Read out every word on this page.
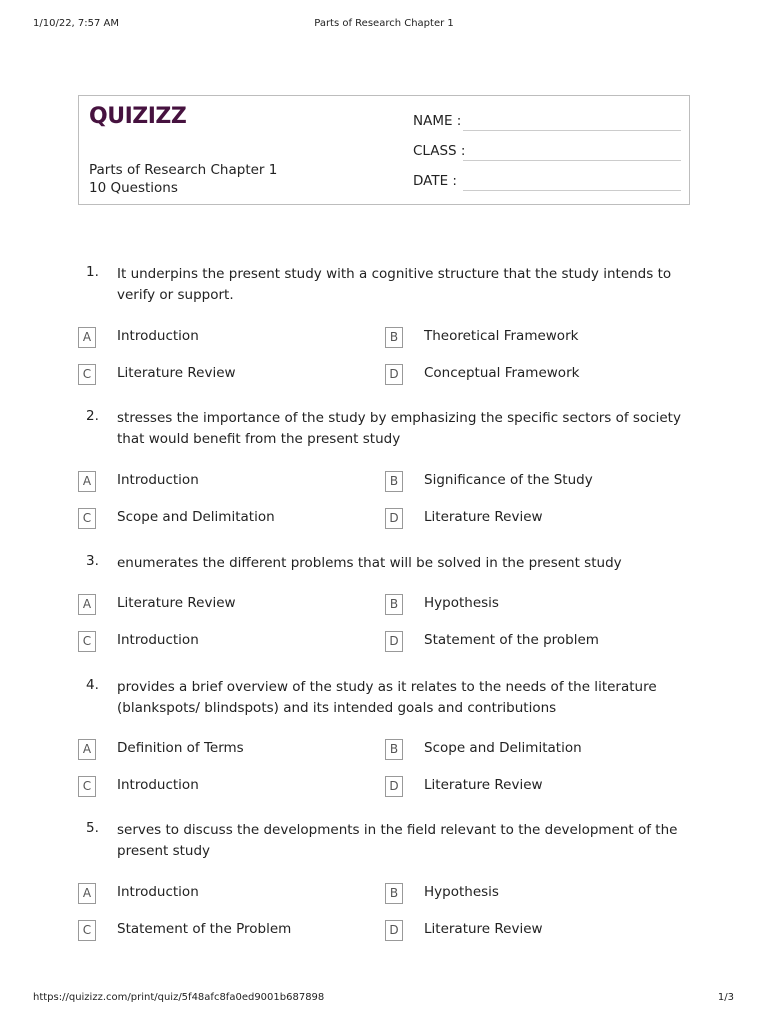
1/10/22, 7:57 AM	Parts of Research Chapter 1
QUIZIZZ
Parts of Research Chapter 1
10 Questions
NAME :
CLASS :
DATE :
1. It underpins the present study with a cognitive structure that the study intends to verify or support.
A	Introduction	B	Theoretical Framework
C	Literature Review	D	Conceptual Framework
2. stresses the importance of the study by emphasizing the specific sectors of society that would benefit from the present study
A	Introduction	B	Significance of the Study
C	Scope and Delimitation	D	Literature Review
3. enumerates the different problems that will be solved in the present study
A	Literature Review	B	Hypothesis
C	Introduction	D	Statement of the problem
4. provides a brief overview of the study as it relates to the needs of the literature (blankspots/ blindspots) and its intended goals and contributions
A	Definition of Terms	B	Scope and Delimitation
C	Introduction	D	Literature Review
5. serves to discuss the developments in the field relevant to the development of the present study
A	Introduction	B	Hypothesis
C	Statement of the Problem	D	Literature Review
https://quizizz.com/print/quiz/5f48afc8fa0ed9001b687898	1/3
